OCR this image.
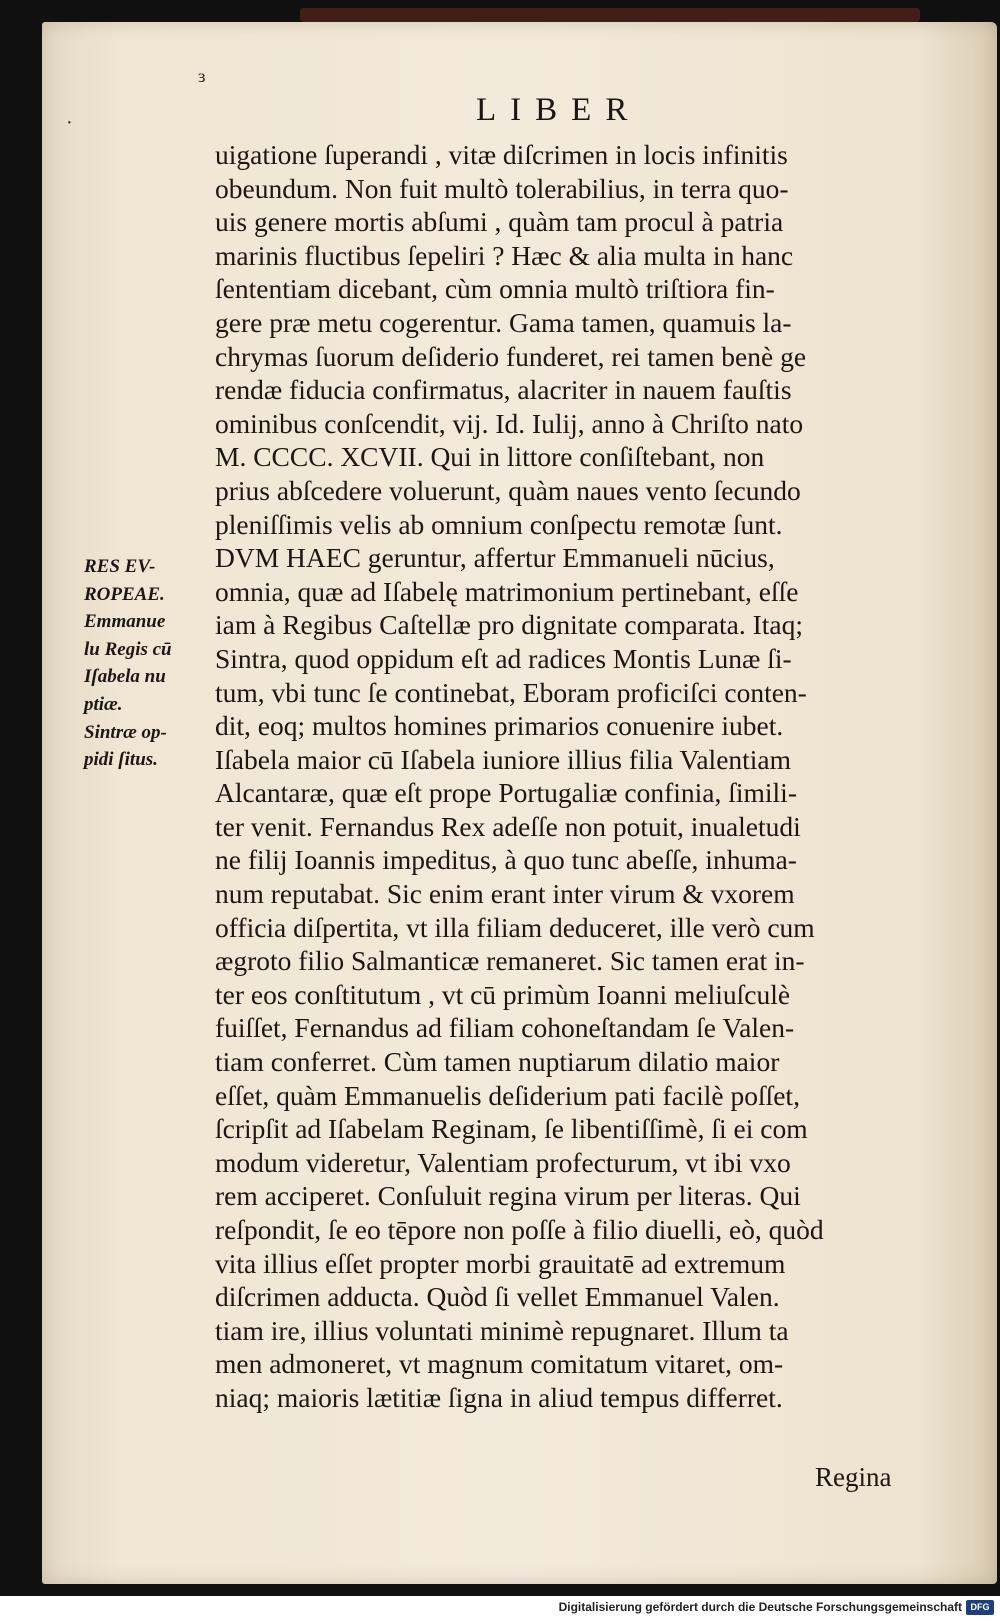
LIBER
ɜ
·
RES EV-
ROPEAE.
Emmanue
lu Regis cū
Iſabela nu
ptiæ.
Sintræ op-
pidi ſitus.
uigatione ſuperandi , vitæ diſcrimen in locis infinitis
obeundum. Non fuit multò tolerabilius, in terra quo-
uis genere mortis abſumi , quàm tam procul à patria
marinis fluctibus ſepeliri ? Hæc & alia multa in hanc
ſententiam dicebant, cùm omnia multò triſtiora fin-
gere præ metu cogerentur. Gama tamen, quamuis la-
chrymas ſuorum deſiderio funderet, rei tamen benè ge
rendæ fiducia confirmatus, alacriter in nauem fauſtis
ominibus conſcendit, vij. Id. Iulij, anno à Chriſto nato
M. CCCC. XCVII. Qui in littore conſiſtebant, non
prius abſcedere voluerunt, quàm naues vento ſecundo
pleniſſimis velis ab omnium conſpectu remotæ ſunt.
DVM HAEC geruntur, affertur Emmanueli nūcius,
omnia, quæ ad Iſabelę matrimonium pertinebant, eſſe
iam à Regibus Caſtellæ pro dignitate comparata. Itaq;
Sintra, quod oppidum eſt ad radices Montis Lunæ ſi-
tum, vbi tunc ſe continebat, Eboram proficiſci conten-
dit, eoq; multos homines primarios conuenire iubet.
Iſabela maior cū Iſabela iuniore illius filia Valentiam
Alcantaræ, quæ eſt prope Portugaliæ confinia, ſimili-
ter venit. Fernandus Rex adeſſe non potuit, inualetudi
ne filij Ioannis impeditus, à quo tunc abeſſe, inhuma-
num reputabat. Sic enim erant inter virum & vxorem
officia diſpertita, vt illa filiam deduceret, ille verò cum
ægroto filio Salmanticæ remaneret. Sic tamen erat in-
ter eos conſtitutum , vt cū primùm Ioanni meliuſculè
fuiſſet, Fernandus ad filiam cohoneſtandam ſe Valen-
tiam conferret. Cùm tamen nuptiarum dilatio maior
eſſet, quàm Emmanuelis deſiderium pati facilè poſſet,
ſcripſit ad Iſabelam Reginam, ſe libentiſſimè, ſi ei com
modum videretur, Valentiam profecturum, vt ibi vxo
rem acciperet. Conſuluit regina virum per literas. Qui
reſpondit, ſe eo tēpore non poſſe à filio diuelli, eò, quòd
vita illius eſſet propter morbi grauitatē ad extremum
diſcrimen adducta. Quòd ſi vellet Emmanuel Valen.
tiam ire, illius voluntati minimè repugnaret. Illum ta
men admoneret, vt magnum comitatum vitaret, om-
niaq; maioris lætitiæ ſigna in aliud tempus differret.
Regina
Digitalisierung gefördert durch die Deutsche Forschungsgemeinschaft DFG
